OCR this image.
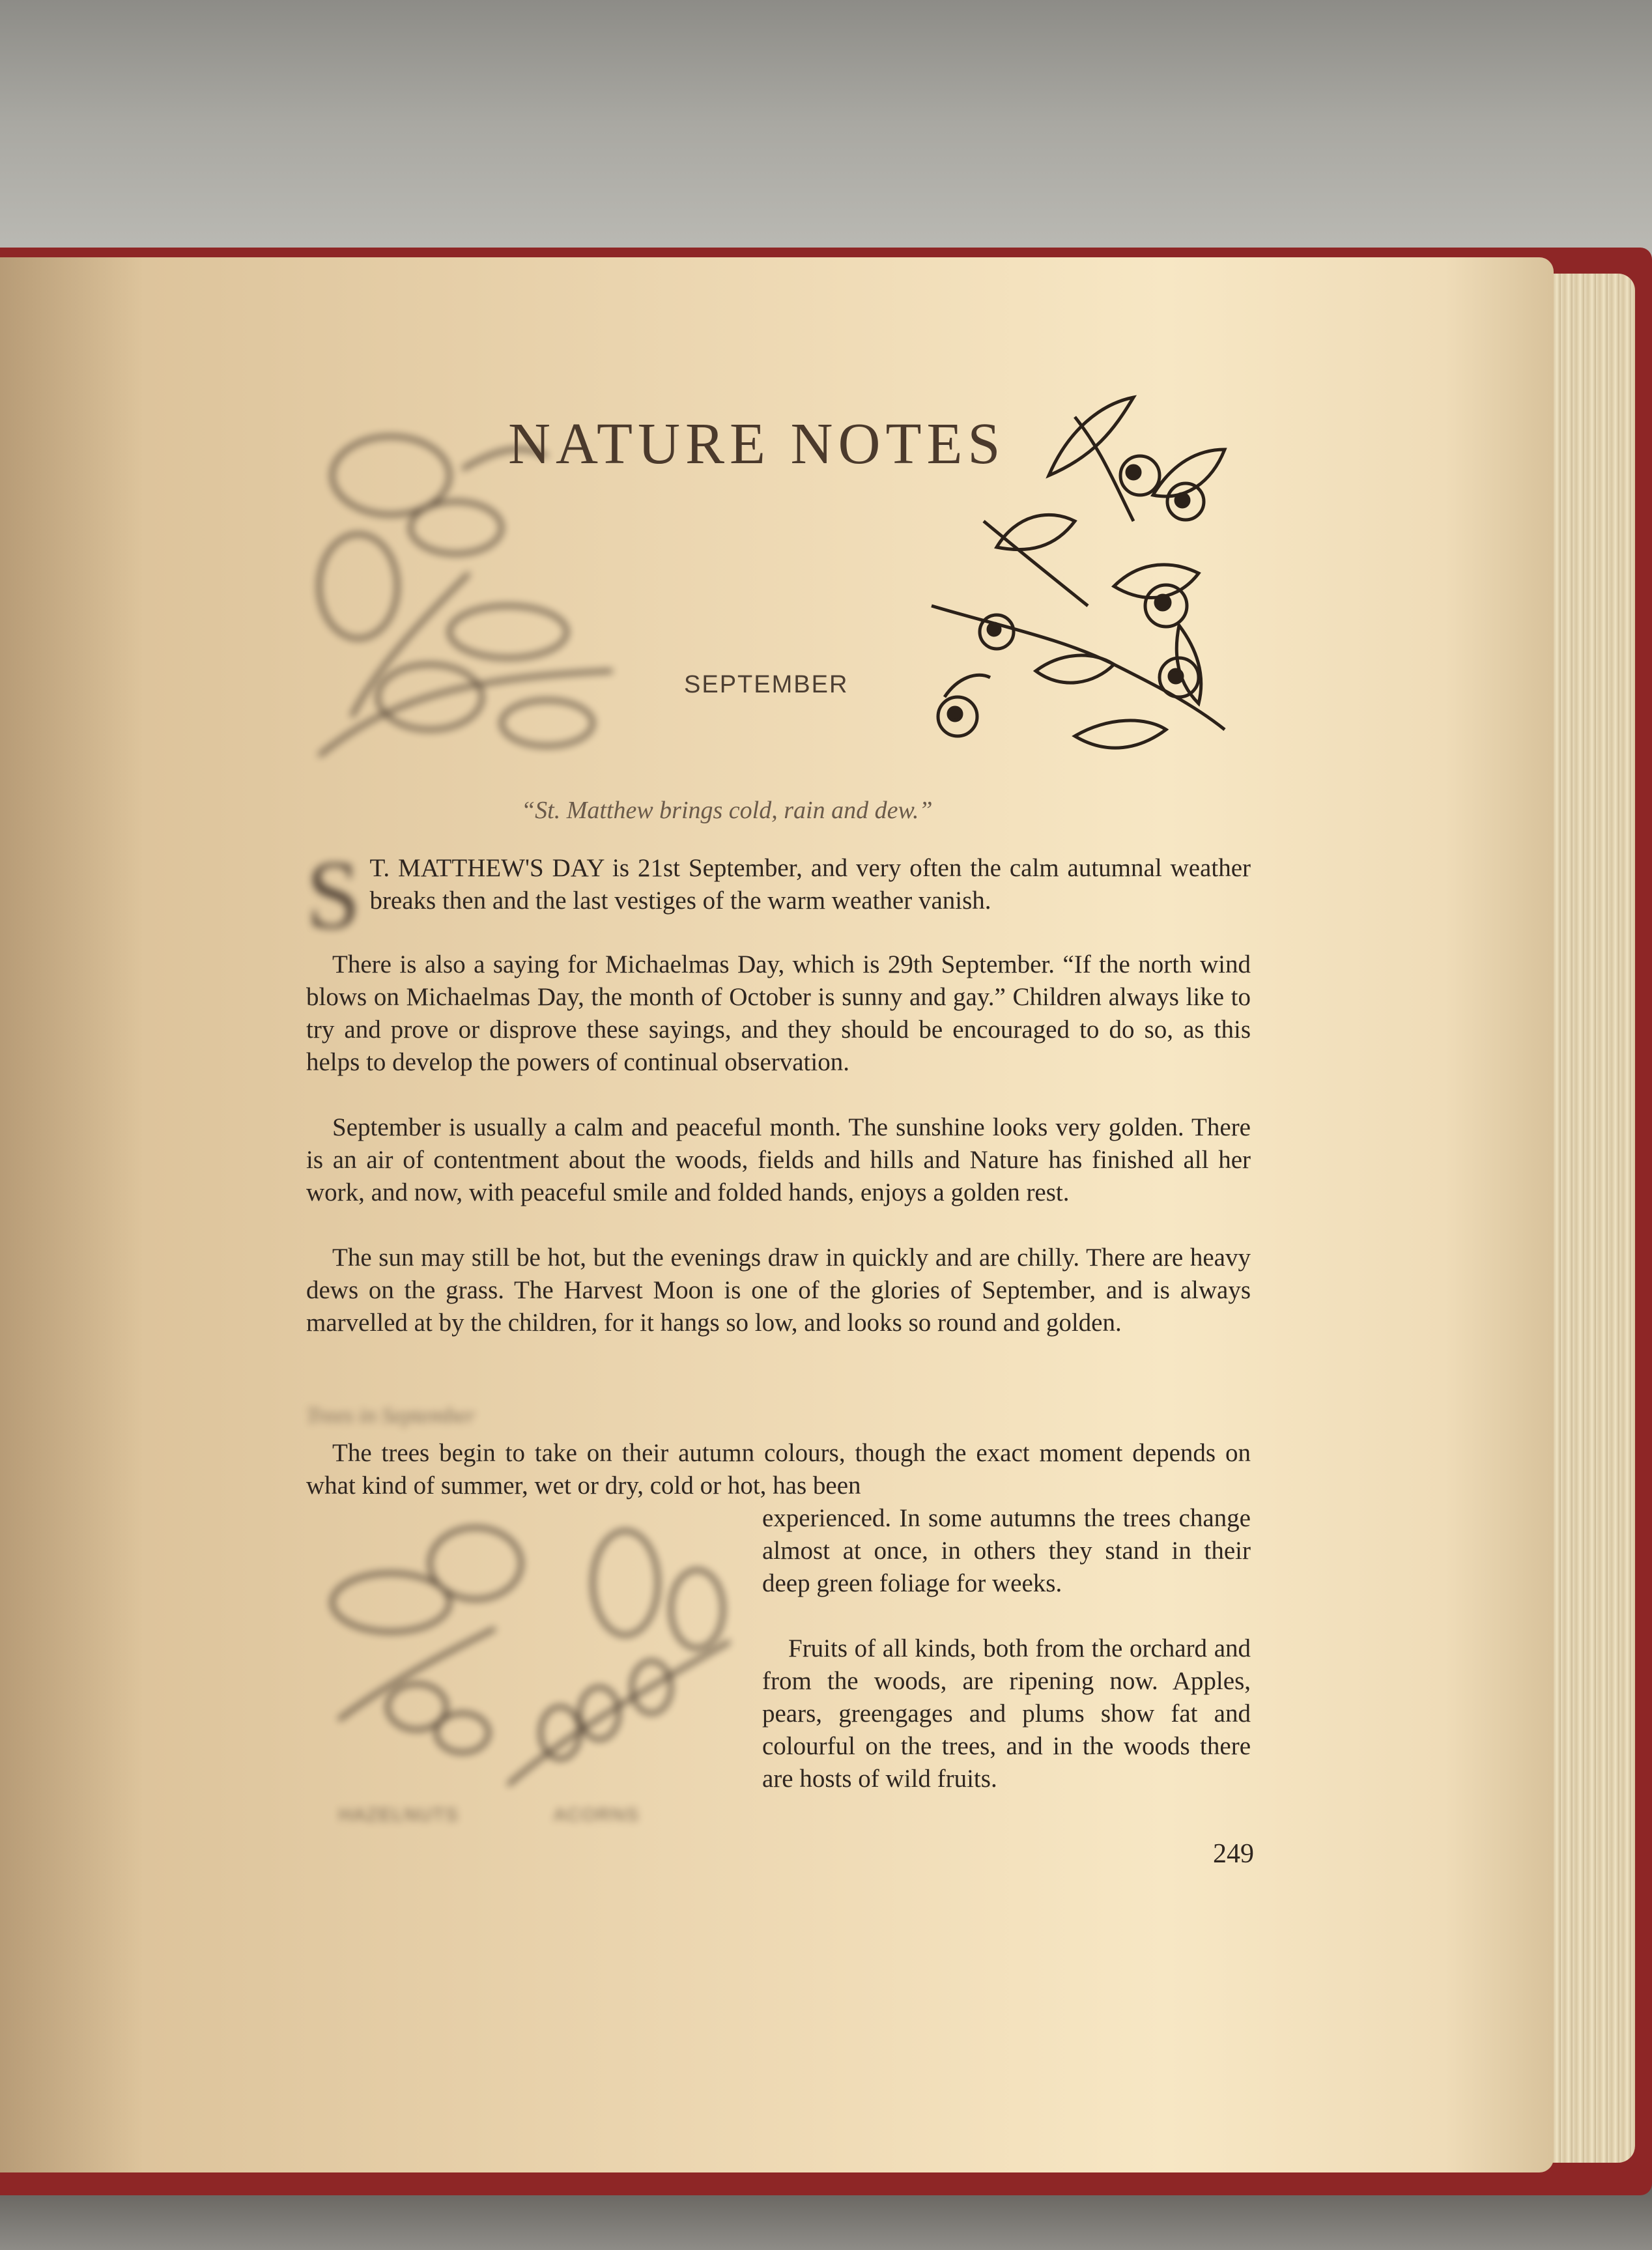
NATURE NOTES
SEPTEMBER
“St. Matthew brings cold, rain and dew.”
S T. MATTHEW'S DAY is 21st September, and very often the calm autumnal weather breaks then and the last vestiges of the warm weather vanish.
There is also a saying for Michaelmas Day, which is 29th September. “If the north wind blows on Michaelmas Day, the month of October is sunny and gay.” Children always like to try and prove or disprove these sayings, and they should be encouraged to do so, as this helps to develop the powers of continual observation.
September is usually a calm and peaceful month. The sunshine looks very golden. There is an air of contentment about the woods, fields and hills and Nature has finished all her work, and now, with peaceful smile and folded hands, enjoys a golden rest.
The sun may still be hot, but the evenings draw in quickly and are chilly. There are heavy dews on the grass. The Harvest Moon is one of the glories of September, and is always marvelled at by the children, for it hangs so low, and looks so round and golden.
Trees in September
The trees begin to take on their autumn colours, though the exact moment depends on what kind of summer, wet or dry, cold or hot, has been
experienced. In some autumns the trees change almost at once, in others they stand in their deep green foliage for weeks.
Fruits of all kinds, both from the orchard and from the woods, are ripening now. Apples, pears, greengages and plums show fat and colourful on the trees, and in the woods there are hosts of wild fruits.
HAZELNUTS	ACORNS
249
